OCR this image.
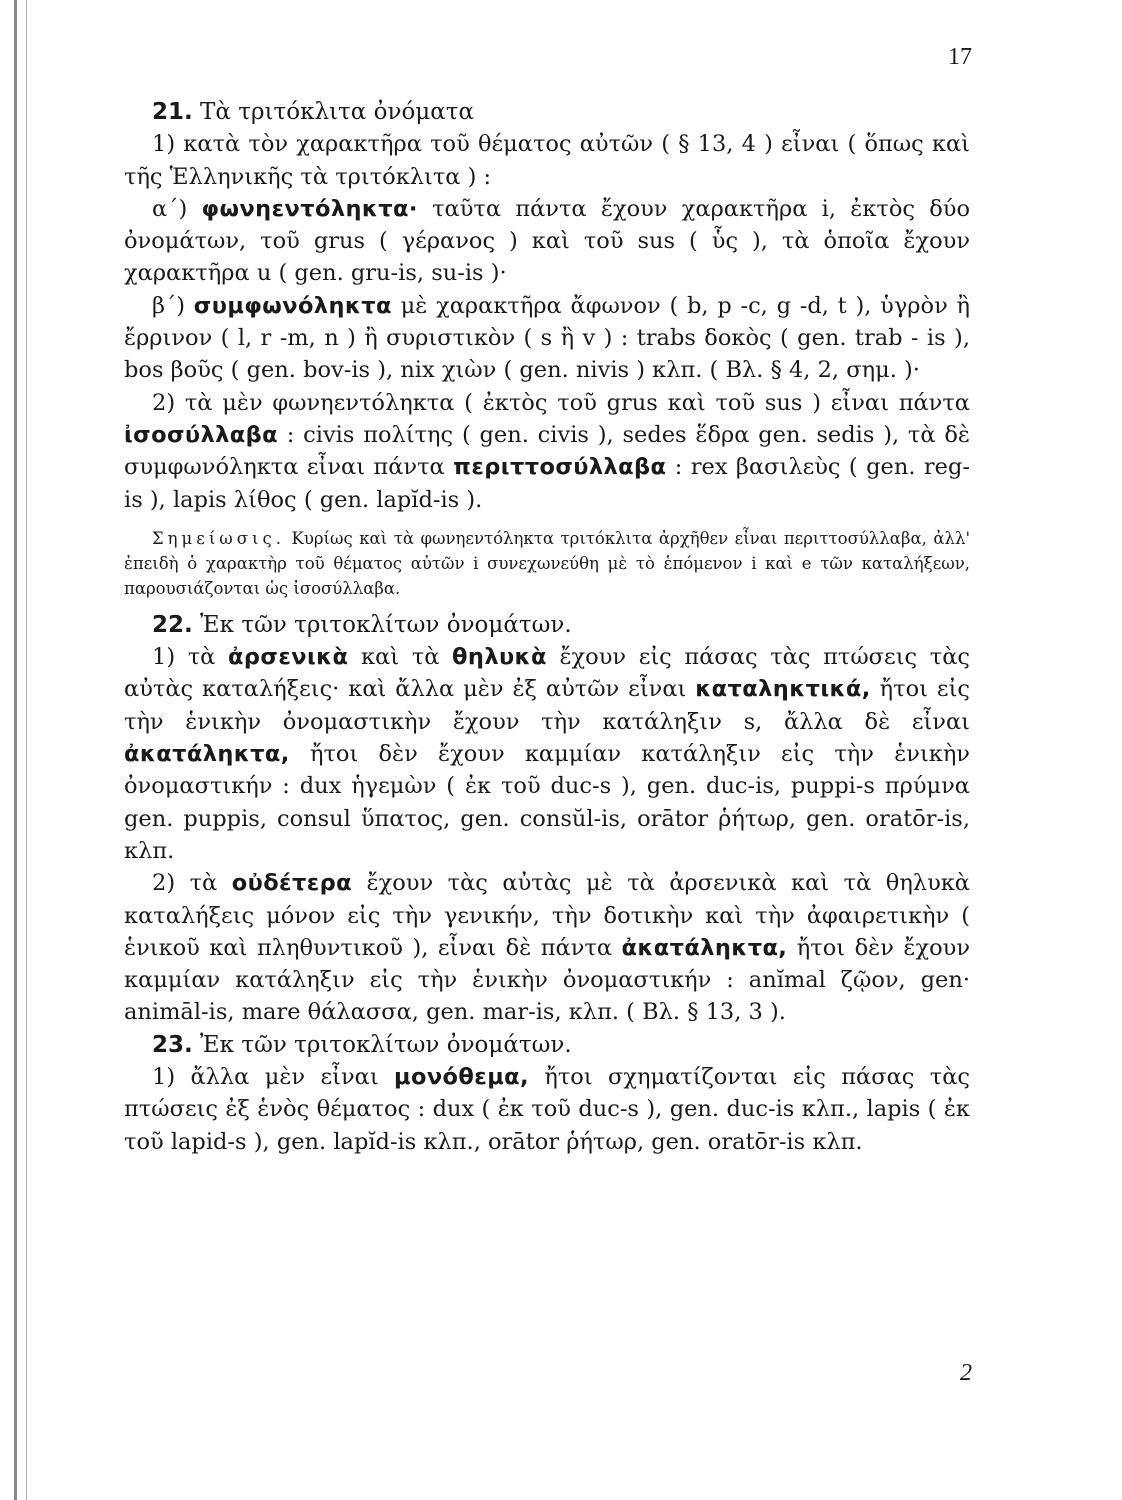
17

21. Τὰ τριτόκλιτα ὀνόματα

1) κατὰ τὸν χαρακτῆρα τοῦ θέματος αὐτῶν ( § 13, 4 ) εἶναι ( ὅπως καὶ τῆς Ἑλληνικῆς τὰ τριτόκλιτα ) :

α΄) φωνηεντόληκτα· ταῦτα πάντα ἔχουν χαρακτῆρα i, ἐκτὸς δύο ὀνομάτων, τοῦ grus ( γέρανος ) καὶ τοῦ sus ( ὗς ), τὰ ὁποῖα ἔχουν χαρακτῆρα u ( gen. gru-is, su-is )·

β΄) συμφωνόληκτα μὲ χαρακτῆρα ἄφωνον ( b, p -c, g -d, t ), ὑγρὸν ἢ ἔρρινον ( l, r -m, n ) ἢ συριστικὸν ( s ἢ v ) : trabs δοκὸς ( gen. trab - is ), bos βοῦς ( gen. bov-is ), nix χιὼν ( gen. nivis ) κλπ. ( Βλ. § 4, 2, σημ. )·

2) τὰ μὲν φωνηεντόληκτα ( ἐκτὸς τοῦ grus καὶ τοῦ sus ) εἶναι πάντα ἰσοσύλλαβα : civis πολίτης ( gen. civis ), sedes ἕδρα gen. sedis ), τὰ δὲ συμφωνόληκτα εἶναι πάντα περιττοσύλλαβα : rex βασιλεὺς ( gen. reg-is ), lapis λίθος ( gen. lapĭd-is ).

Σημείωσις. Κυρίως καὶ τὰ φωνηεντόληκτα τριτόκλιτα ἀρχῆθεν εἶναι περιττοσύλλαβα, ἀλλ' ἐπειδὴ ὁ χαρακτὴρ τοῦ θέματος αὐτῶν i συνεχωνεύθη μὲ τὸ ἑπόμενον i καὶ e τῶν καταλήξεων, παρουσιάζονται ὡς ἰσοσύλλαβα.

22. Ἐκ τῶν τριτοκλίτων ὀνομάτων.

1) τὰ ἀρσενικὰ καὶ τὰ θηλυκὰ ἔχουν εἰς πάσας τὰς πτώσεις τὰς αὐτὰς καταλήξεις· καὶ ἄλλα μὲν ἐξ αὐτῶν εἶναι καταληκτικά, ἤτοι εἰς τὴν ἑνικὴν ὀνομαστικὴν ἔχουν τὴν κατάληξιν s, ἄλλα δὲ εἶναι ἀκατάληκτα, ἤτοι δὲν ἔχουν καμμίαν κατάληξιν εἰς τὴν ἑνικὴν ὀνομαστικήν : dux ἡγεμὼν ( ἐκ τοῦ duc-s ), gen. duc-is, puppi-s πρύμνα gen. puppis, consul ὕπατος, gen. consŭl-is, orātor ῥήτωρ, gen. oratōr-is, κλπ.

2) τὰ οὐδέτερα ἔχουν τὰς αὐτὰς μὲ τὰ ἀρσενικὰ καὶ τὰ θηλυκὰ καταλήξεις μόνον εἰς τὴν γενικήν, τὴν δοτικὴν καὶ τὴν ἀφαιρετικὴν ( ἑνικοῦ καὶ πληθυντικοῦ ), εἶναι δὲ πάντα ἀκατάληκτα, ἤτοι δὲν ἔχουν καμμίαν κατάληξιν εἰς τὴν ἑνικὴν ὀνομαστικήν : anĭmal ζῷον, gen· animāl-is, mare θάλασσα, gen. mar-is, κλπ. ( Βλ. § 13, 3 ).

23. Ἐκ τῶν τριτοκλίτων ὀνομάτων.

1) ἄλλα μὲν εἶναι μονόθεμα, ἤτοι σχηματίζονται εἰς πάσας τὰς πτώσεις ἐξ ἑνὸς θέματος : dux ( ἐκ τοῦ duc-s ), gen. duc-is κλπ., lapis ( ἐκ τοῦ lapid-s ), gen. lapĭd-is κλπ., orātor ῥήτωρ, gen. oratōr-is κλπ.

2
